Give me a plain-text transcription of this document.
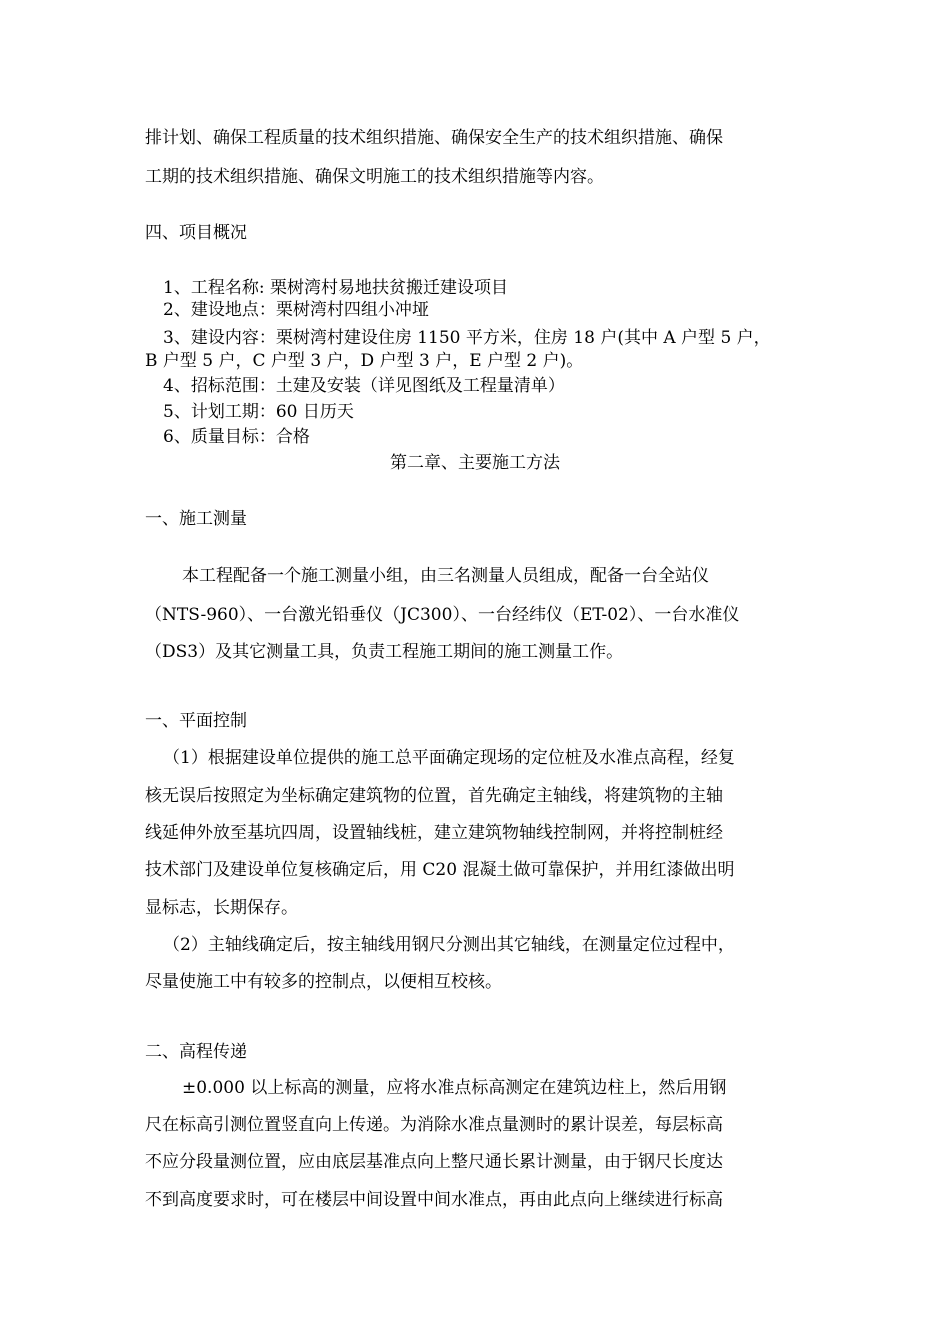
排计划、确保工程质量的技术组织措施、确保安全生产的技术组织措施、确保
工期的技术组织措施、确保文明施工的技术组织措施等内容。
四、项目概况
1、工程名称: 栗树湾村易地扶贫搬迁建设项目
2、建设地点：栗树湾村四组小冲垭
3、建设内容：栗树湾村建设住房 1150 平方米，住房 18 户(其中 A 户型 5 户，
B 户型 5 户，C 户型 3 户，D 户型 3 户，E 户型 2 户)。
4、招标范围：土建及安装（详见图纸及工程量清单）
5、计划工期：60 日历天
6、质量目标：合格
第二章、主要施工方法
一、施工测量
本工程配备一个施工测量小组，由三名测量人员组成，配备一台全站仪
（NTS-960）、一台激光铅垂仪（JC300）、一台经纬仪（ET-02）、一台水准仪
（DS3）及其它测量工具，负责工程施工期间的施工测量工作。
一、平面控制
（1）根据建设单位提供的施工总平面确定现场的定位桩及水准点高程，经复
核无误后按照定为坐标确定建筑物的位置，首先确定主轴线，将建筑物的主轴
线延伸外放至基坑四周，设置轴线桩，建立建筑物轴线控制网，并将控制桩经
技术部门及建设单位复核确定后，用 C20 混凝土做可靠保护，并用红漆做出明
显标志，长期保存。
（2）主轴线确定后，按主轴线用钢尺分测出其它轴线，在测量定位过程中，
尽量使施工中有较多的控制点，以便相互校核。
二、高程传递
±0.000 以上标高的测量，应将水准点标高测定在建筑边柱上，然后用钢
尺在标高引测位置竖直向上传递。为消除水准点量测时的累计误差，每层标高
不应分段量测位置，应由底层基准点向上整尺通长累计测量，由于钢尺长度达
不到高度要求时，可在楼层中间设置中间水准点，再由此点向上继续进行标高
